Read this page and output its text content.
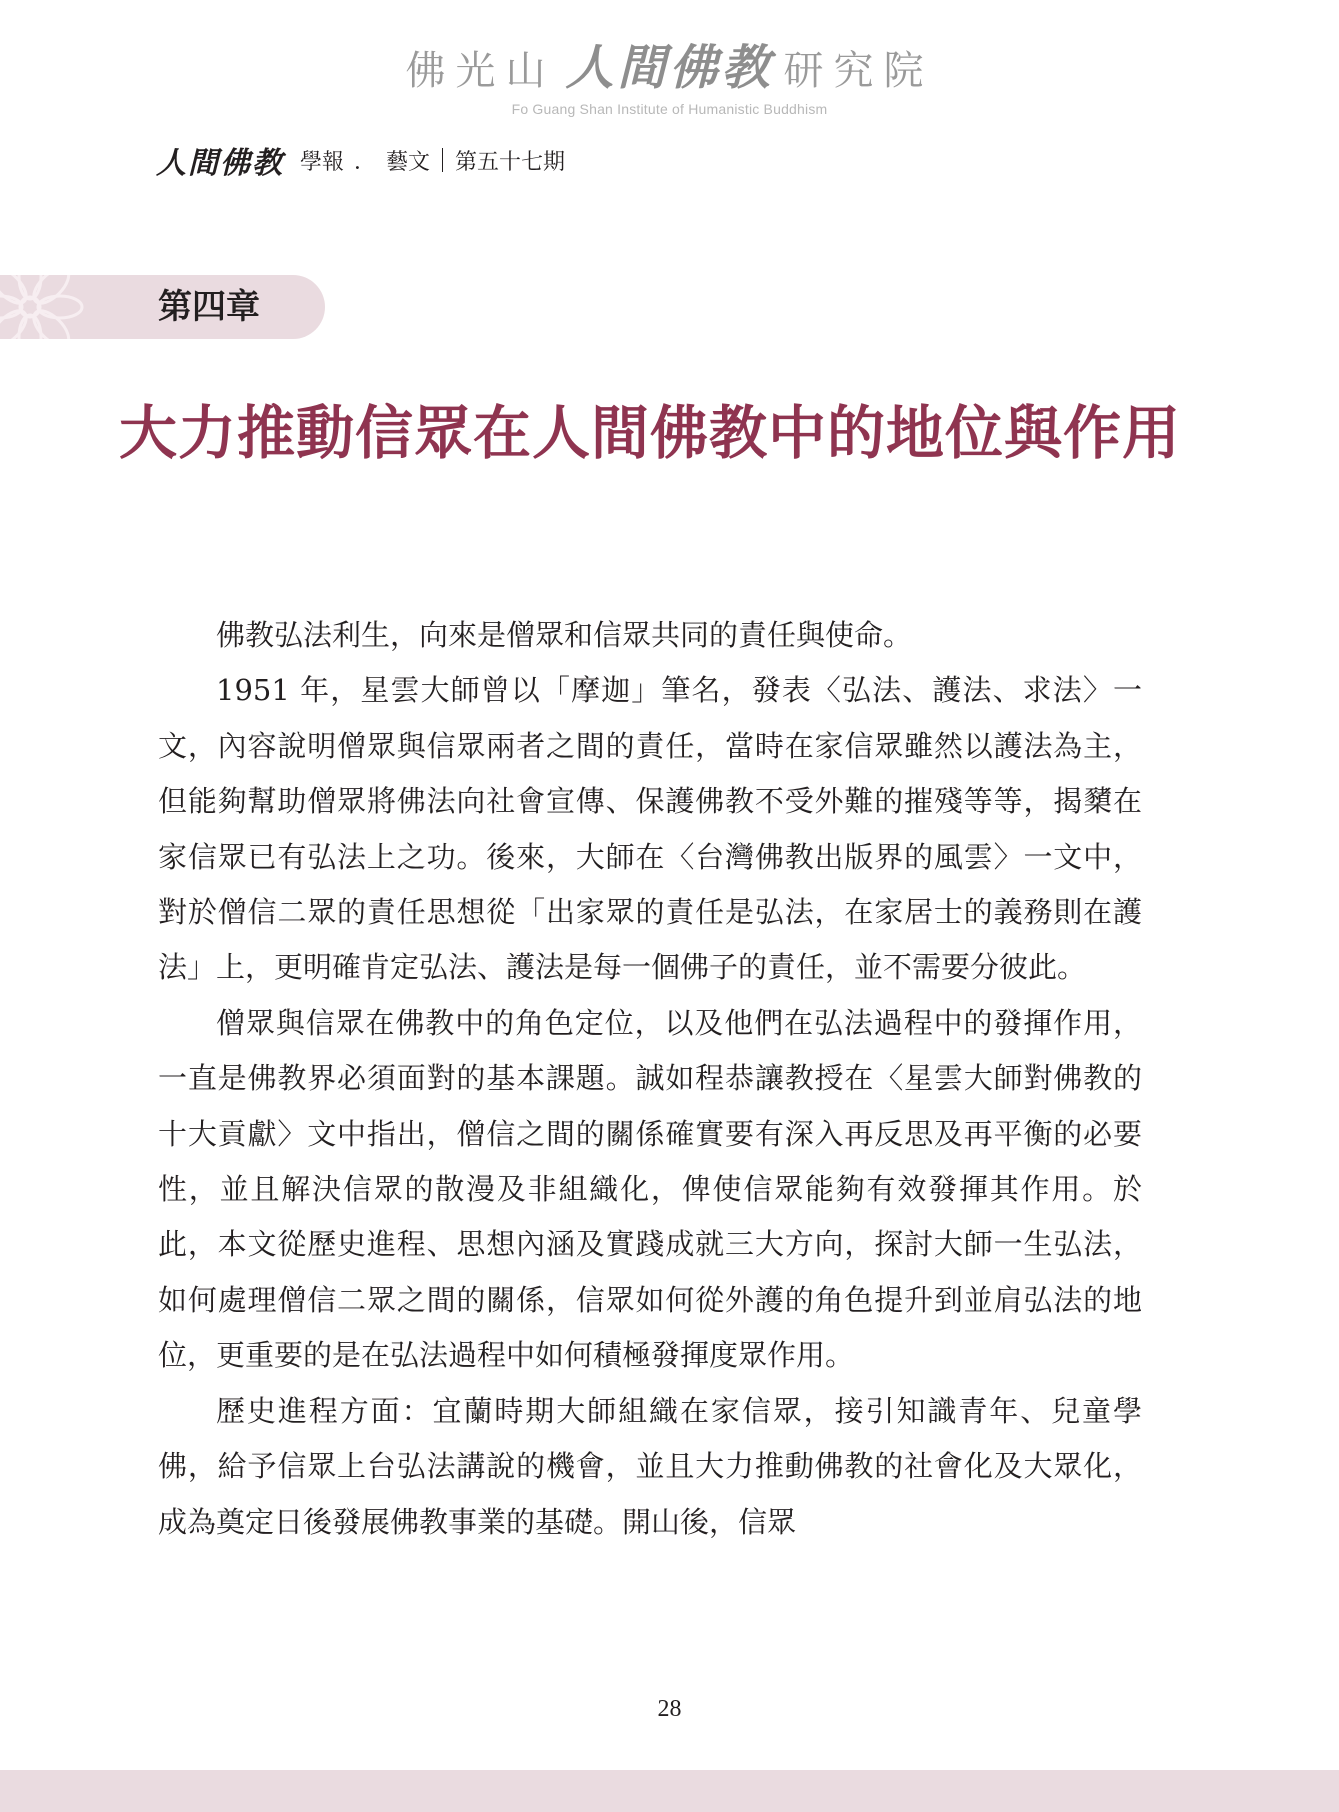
佛光山 人間佛教 研究院
Fo Guang Shan Institute of Humanistic Buddhism
人間佛教 學報 ． 藝文 第五十七期
第四章
大力推動信眾在人間佛教中的地位與作用

佛教弘法利生，向來是僧眾和信眾共同的責任與使命。

1951 年，星雲大師曾以「摩迦」筆名，發表〈弘法、護法、求法〉一文，內容說明僧眾與信眾兩者之間的責任，當時在家信眾雖然以護法為主，但能夠幫助僧眾將佛法向社會宣傳、保護佛教不受外難的摧殘等等，揭櫫在家信眾已有弘法上之功。後來，大師在〈台灣佛教出版界的風雲〉一文中，對於僧信二眾的責任思想從「出家眾的責任是弘法，在家居士的義務則在護法」上，更明確肯定弘法、護法是每一個佛子的責任，並不需要分彼此。

僧眾與信眾在佛教中的角色定位，以及他們在弘法過程中的發揮作用，一直是佛教界必須面對的基本課題。誠如程恭讓教授在〈星雲大師對佛教的十大貢獻〉文中指出，僧信之間的關係確實要有深入再反思及再平衡的必要性，並且解決信眾的散漫及非組織化，俾使信眾能夠有效發揮其作用。於此，本文從歷史進程、思想內涵及實踐成就三大方向，探討大師一生弘法，如何處理僧信二眾之間的關係，信眾如何從外護的角色提升到並肩弘法的地位，更重要的是在弘法過程中如何積極發揮度眾作用。

歷史進程方面：宜蘭時期大師組織在家信眾，接引知識青年、兒童學佛，給予信眾上台弘法講說的機會，並且大力推動佛教的社會化及大眾化，成為奠定日後發展佛教事業的基礎。開山後，信眾

28
